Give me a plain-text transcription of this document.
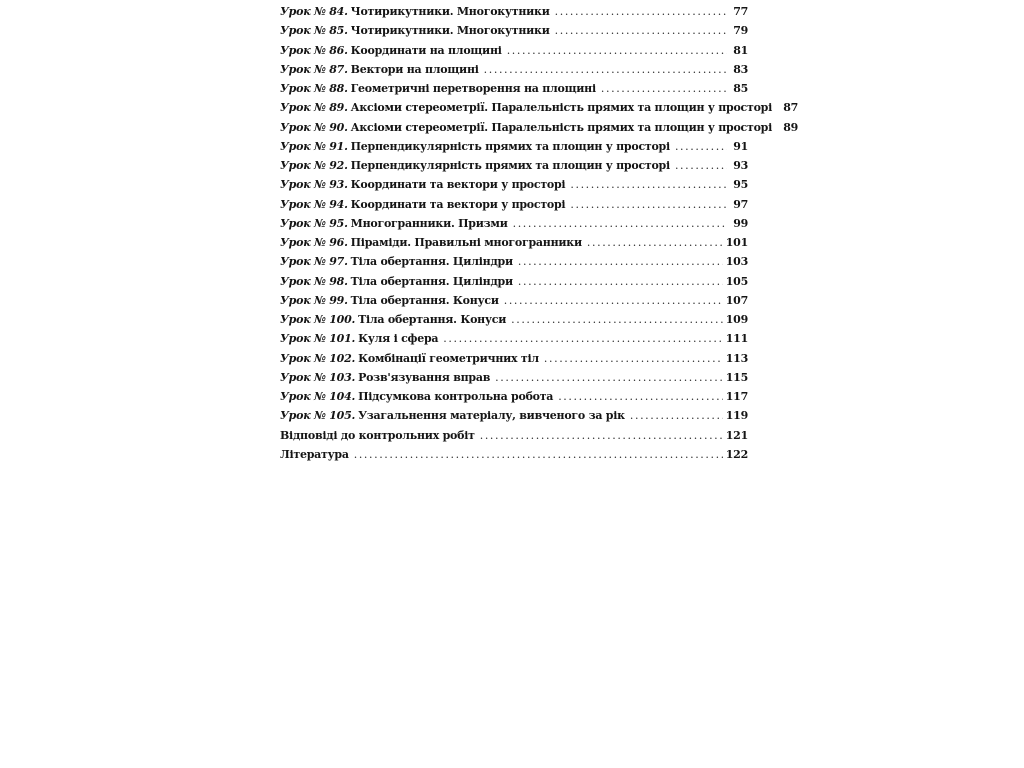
Урок № 84. Чотирикутники. Многокутники .....	77
Урок № 85. Чотирикутники. Многокутники .....	79
Урок № 86. Координати на площині .....	81
Урок № 87. Вектори на площині .....	83
Урок № 88. Геометричні перетворення на площині .....	85
Урок № 89. Аксіоми стереометрії. Паралельність прямих та площин у просторі 87
Урок № 90. Аксіоми стереометрії. Паралельність прямих та площин у просторі 89
Урок № 91. Перпендикулярність прямих та площин у просторі .....	91
Урок № 92. Перпендикулярність прямих та площин у просторі .....	93
Урок № 93. Координати та вектори у просторі .....	95
Урок № 94. Координати та вектори у просторі .....	97
Урок № 95. Многогранники. Призми .....	99
Урок № 96. Піраміди. Правильні многогранники .....	101
Урок № 97. Тіла обертання. Циліндри .....	103
Урок № 98. Тіла обертання. Циліндри .....	105
Урок № 99. Тіла обертання. Конуси .....	107
Урок № 100. Тіла обертання. Конуси .....	109
Урок № 101. Куля і сфера .....	111
Урок № 102. Комбінації геометричних тіл .....	113
Урок № 103. Розв'язування вправ .....	115
Урок № 104. Підсумкова контрольна робота .....	117
Урок № 105. Узагальнення матеріалу, вивченого за рік .....	119
Відповіді до контрольних робіт .....	121
Література .....	122
